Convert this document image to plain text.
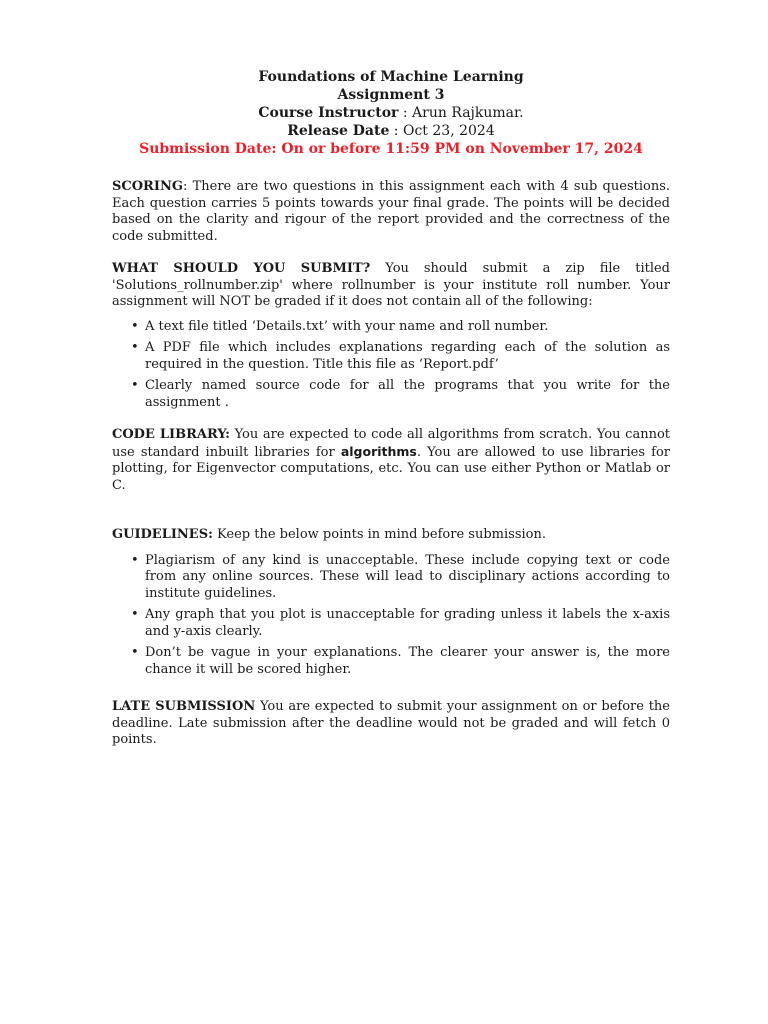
Foundations of Machine Learning
Assignment 3
Course Instructor : Arun Rajkumar.
Release Date : Oct 23, 2024
Submission Date: On or before 11:59 PM on November 17, 2024
SCORING: There are two questions in this assignment each with 4 sub questions. Each question carries 5 points towards your final grade. The points will be decided based on the clarity and rigour of the report provided and the correctness of the code submitted.
WHAT SHOULD YOU SUBMIT? You should submit a zip file titled 'Solutions_rollnumber.zip' where rollnumber is your institute roll number. Your assignment will NOT be graded if it does not contain all of the following:
• A text file titled ‘Details.txt’ with your name and roll number.
• A PDF file which includes explanations regarding each of the solution as required in the question. Title this file as ‘Report.pdf’
• Clearly named source code for all the programs that you write for the assignment .
CODE LIBRARY: You are expected to code all algorithms from scratch. You cannot use standard inbuilt libraries for algorithms. You are allowed to use libraries for plotting, for Eigenvector computations, etc. You can use either Python or Matlab or C.
GUIDELINES: Keep the below points in mind before submission.
• Plagiarism of any kind is unacceptable. These include copying text or code from any online sources. These will lead to disciplinary actions according to institute guidelines.
• Any graph that you plot is unacceptable for grading unless it labels the x-axis and y-axis clearly.
• Don’t be vague in your explanations. The clearer your answer is, the more chance it will be scored higher.
LATE SUBMISSION You are expected to submit your assignment on or before the deadline. Late submission after the deadline would not be graded and will fetch 0 points.
